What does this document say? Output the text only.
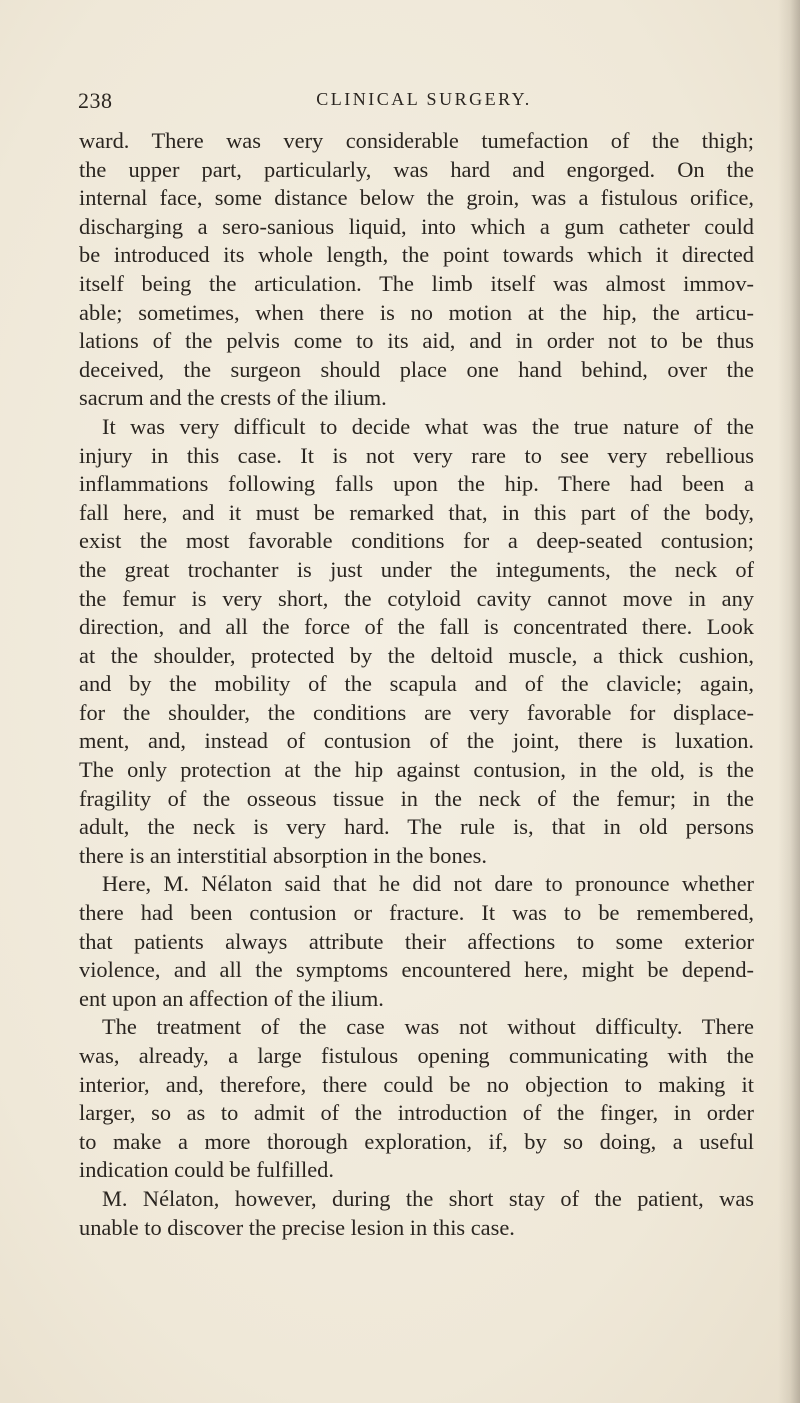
238	CLINICAL SURGERY.
ward. There was very considerable tumefaction of the thigh;
the upper part, particularly, was hard and engorged. On the
internal face, some distance below the groin, was a fistulous orifice,
discharging a sero-sanious liquid, into which a gum catheter could
be introduced its whole length, the point towards which it directed
itself being the articulation. The limb itself was almost immov-
able; sometimes, when there is no motion at the hip, the articu-
lations of the pelvis come to its aid, and in order not to be thus
deceived, the surgeon should place one hand behind, over the
sacrum and the crests of the ilium.
It was very difficult to decide what was the true nature of the
injury in this case. It is not very rare to see very rebellious
inflammations following falls upon the hip. There had been a
fall here, and it must be remarked that, in this part of the body,
exist the most favorable conditions for a deep-seated contusion;
the great trochanter is just under the integuments, the neck of
the femur is very short, the cotyloid cavity cannot move in any
direction, and all the force of the fall is concentrated there. Look
at the shoulder, protected by the deltoid muscle, a thick cushion,
and by the mobility of the scapula and of the clavicle; again,
for the shoulder, the conditions are very favorable for displace-
ment, and, instead of contusion of the joint, there is luxation.
The only protection at the hip against contusion, in the old, is the
fragility of the osseous tissue in the neck of the femur; in the
adult, the neck is very hard. The rule is, that in old persons
there is an interstitial absorption in the bones.
Here, M. Nélaton said that he did not dare to pronounce whether
there had been contusion or fracture. It was to be remembered,
that patients always attribute their affections to some exterior
violence, and all the symptoms encountered here, might be depend-
ent upon an affection of the ilium.
The treatment of the case was not without difficulty. There
was, already, a large fistulous opening communicating with the
interior, and, therefore, there could be no objection to making it
larger, so as to admit of the introduction of the finger, in order
to make a more thorough exploration, if, by so doing, a useful
indication could be fulfilled.
M. Nélaton, however, during the short stay of the patient, was
unable to discover the precise lesion in this case.
